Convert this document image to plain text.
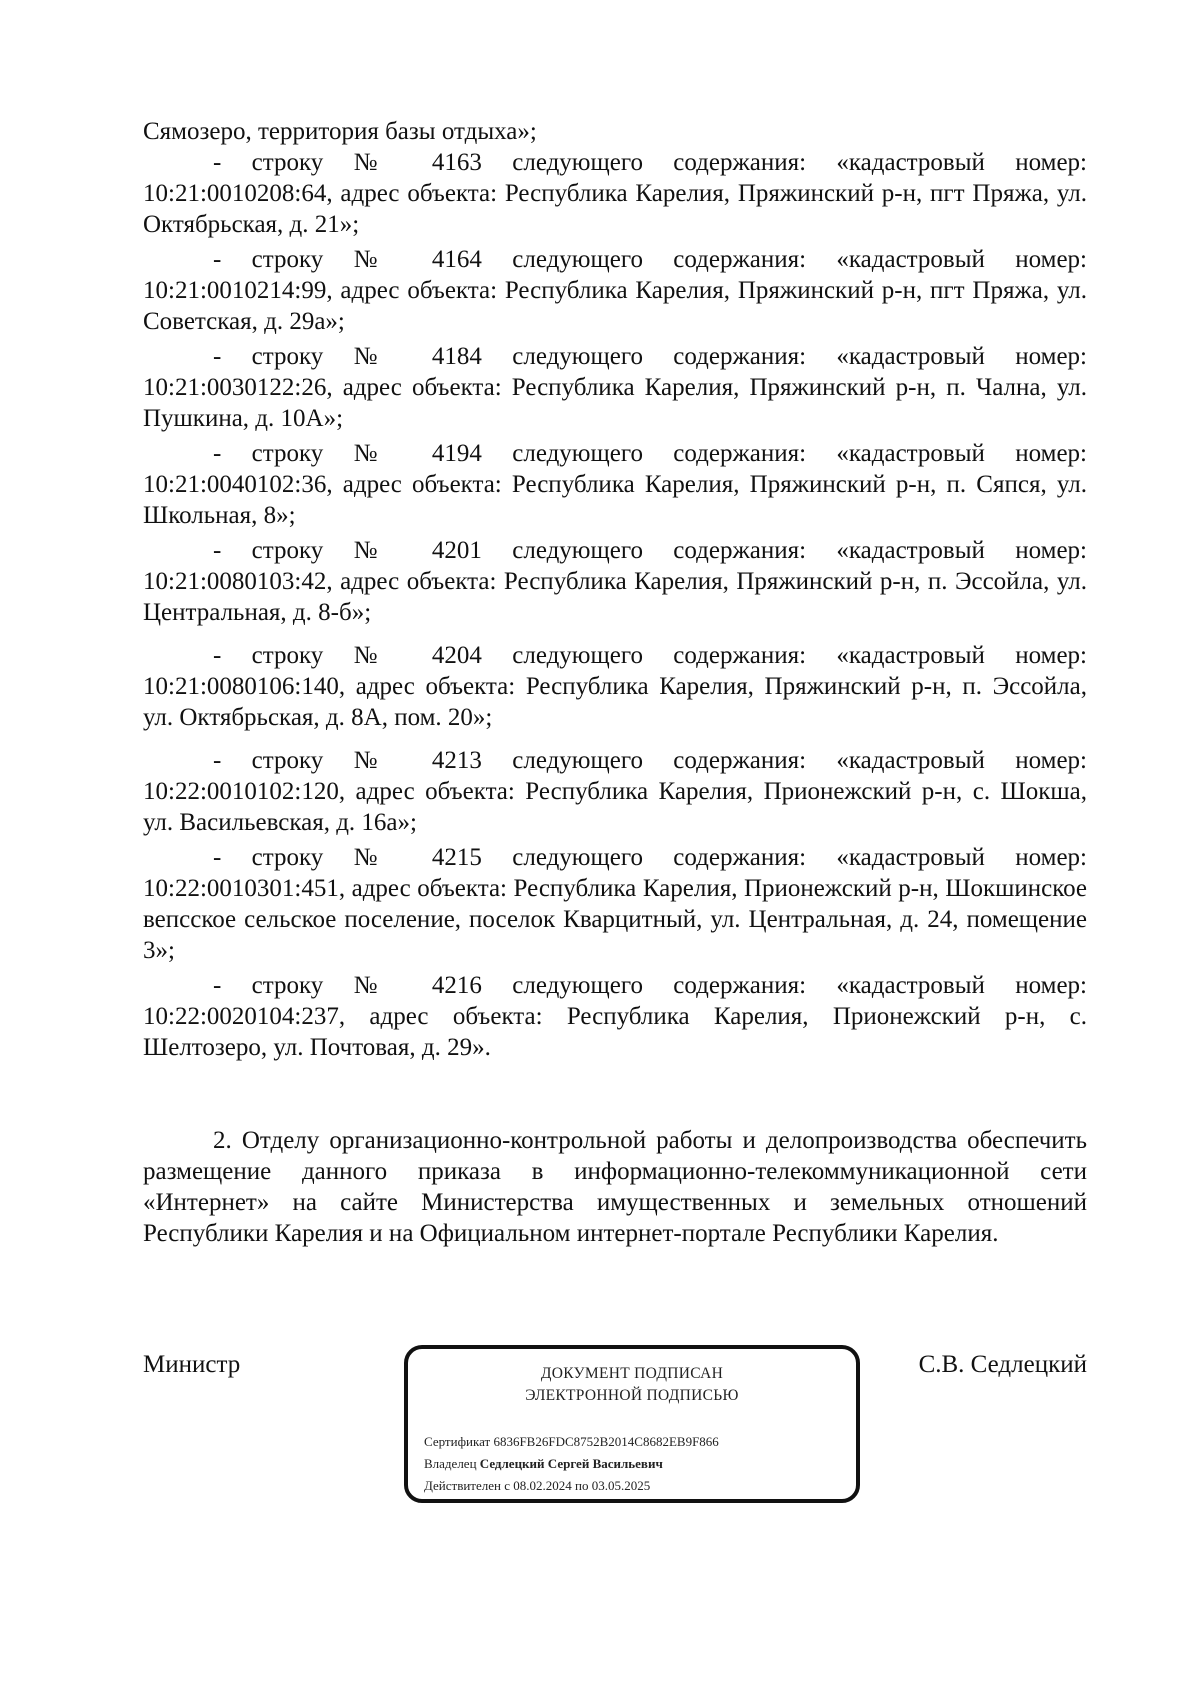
Сямозеро, территория базы отдыха»;

- строку № 4163 следующего содержания: «кадастровый номер: 10:21:0010208:64, адрес объекта: Республика Карелия, Пряжинский р-н, пгт Пряжа, ул. Октябрьская, д. 21»;

- строку № 4164 следующего содержания: «кадастровый номер: 10:21:0010214:99, адрес объекта: Республика Карелия, Пряжинский р-н, пгт Пряжа, ул. Советская, д. 29а»;

- строку № 4184 следующего содержания: «кадастровый номер: 10:21:0030122:26, адрес объекта: Республика Карелия, Пряжинский р-н, п. Чална, ул. Пушкина, д. 10А»;

- строку № 4194 следующего содержания: «кадастровый номер: 10:21:0040102:36, адрес объекта: Республика Карелия, Пряжинский р-н, п. Сяпся, ул. Школьная, 8»;

- строку № 4201 следующего содержания: «кадастровый номер: 10:21:0080103:42, адрес объекта: Республика Карелия, Пряжинский р-н, п. Эссойла, ул. Центральная, д. 8-б»;

- строку № 4204 следующего содержания: «кадастровый номер: 10:21:0080106:140, адрес объекта: Республика Карелия, Пряжинский р-н, п. Эссойла, ул. Октябрьская, д. 8А, пом. 20»;

- строку № 4213 следующего содержания: «кадастровый номер: 10:22:0010102:120, адрес объекта: Республика Карелия, Прионежский р-н, с. Шокша, ул. Васильевская, д. 16а»;

- строку № 4215 следующего содержания: «кадастровый номер: 10:22:0010301:451, адрес объекта: Республика Карелия, Прионежский р-н, Шокшинское вепсское сельское поселение, поселок Кварцитный, ул. Центральная, д. 24, помещение 3»;

- строку № 4216 следующего содержания: «кадастровый номер: 10:22:0020104:237, адрес объекта: Республика Карелия, Прионежский р-н, с. Шелтозеро, ул. Почтовая, д. 29».

2. Отделу организационно-контрольной работы и делопроизводства обеспечить размещение данного приказа в информационно-телекоммуникационной сети «Интернет» на сайте Министерства имущественных и земельных отношений Республики Карелия и на Официальном интернет-портале Республики Карелия.

Министр	С.В. Седлецкий
ДОКУМЕНТ ПОДПИСАН
ЭЛЕКТРОННОЙ ПОДПИСЬЮ
Сертификат 6836FB26FDC8752B2014C8682EB9F866
Владелец Седлецкий Сергей Васильевич
Действителен с 08.02.2024 по 03.05.2025
